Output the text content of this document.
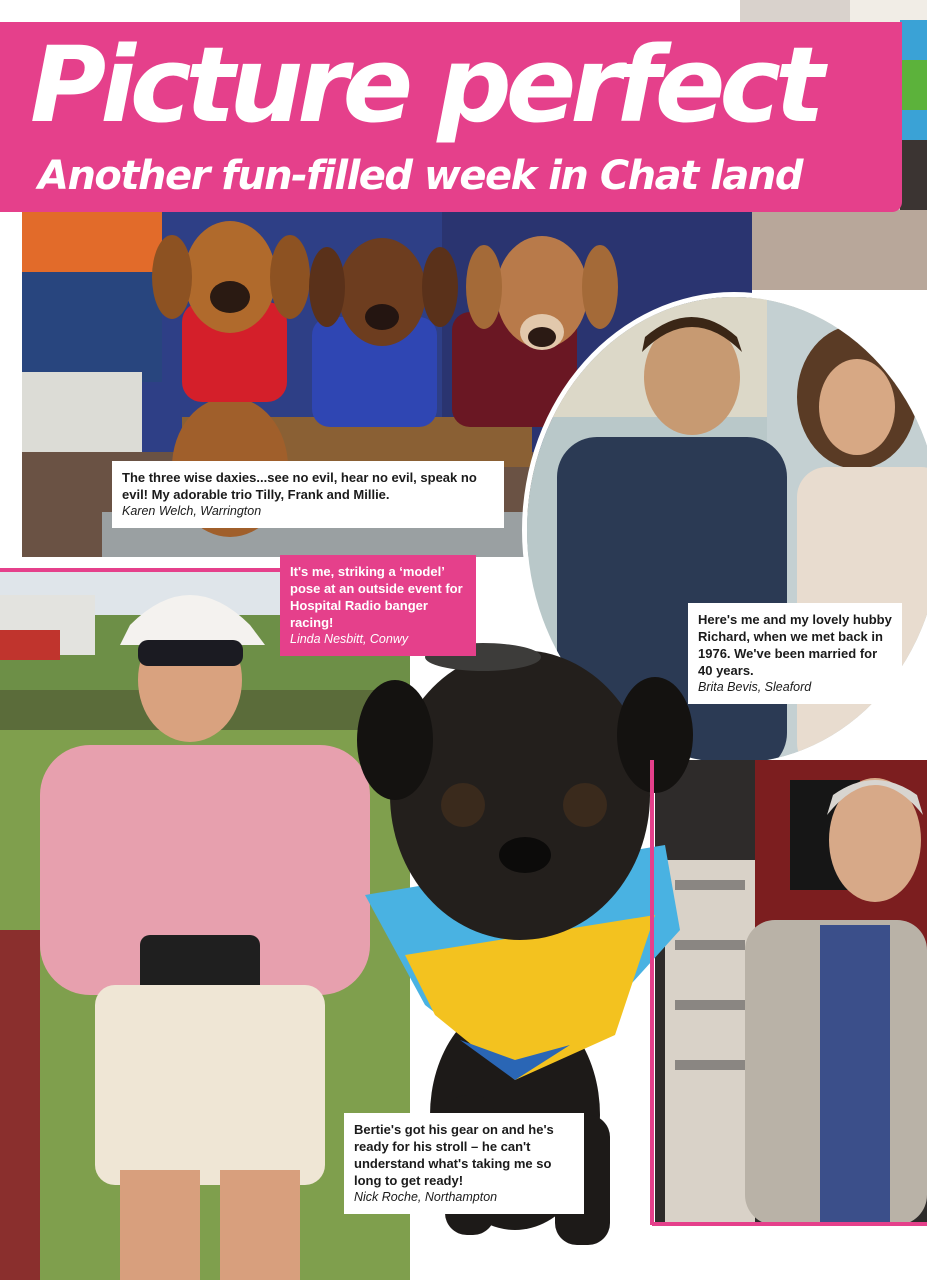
Picture perfect
Another fun-filled week in Chat land

The three wise daxies...see no evil, hear no evil, speak no evil! My adorable trio Tilly, Frank and Millie.

Karen Welch, Warrington

It's me, striking a ‘model’ pose at an outside event for Hospital Radio banger racing!

Linda Nesbitt, Conwy

Here's me and my lovely hubby Richard, when we met back in 1976. We've been married for 40 years.

Brita Bevis, Sleaford

Bertie's got his gear on and he's ready for his stroll – he can't understand what's taking me so long to get ready!

Nick Roche, Northampton
